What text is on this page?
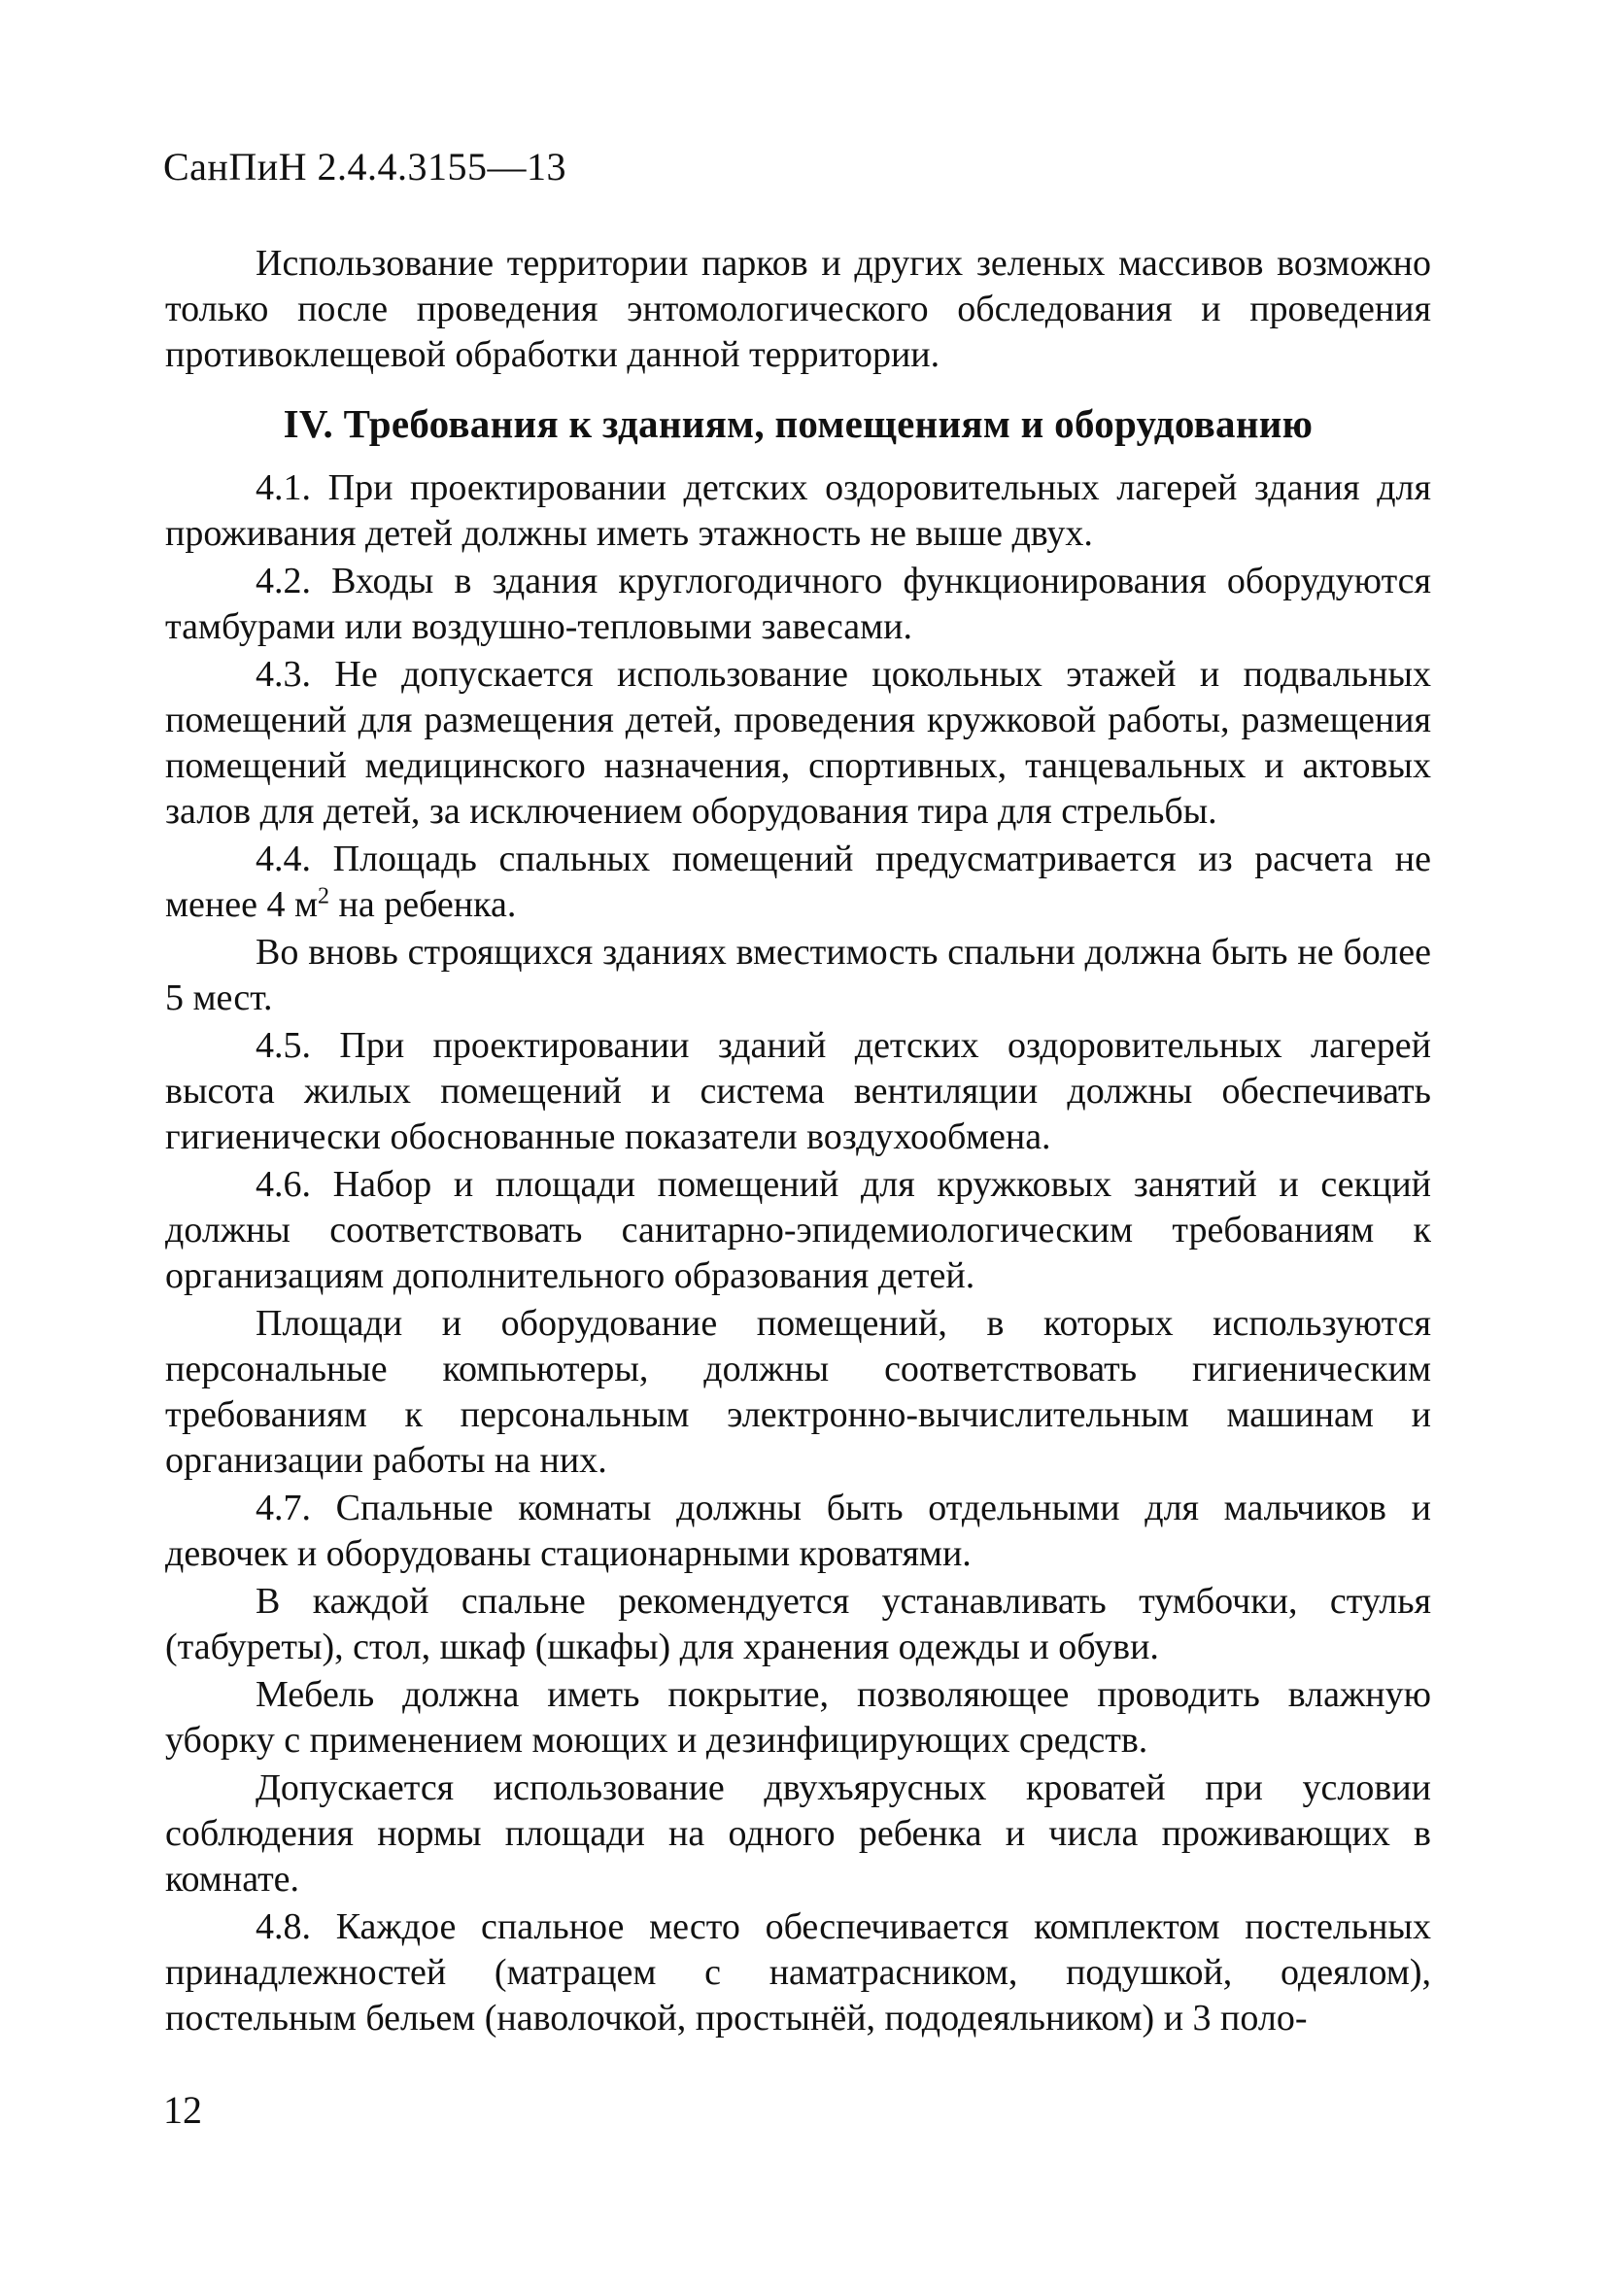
СанПиН 2.4.4.3155—13

Использование территории парков и других зеленых массивов возможно только после проведения энтомологического обследования и проведения противоклещевой обработки данной территории.

IV. Требования к зданиям, помещениям и оборудованию

4.1. При проектировании детских оздоровительных лагерей здания для проживания детей должны иметь этажность не выше двух.

4.2. Входы в здания круглогодичного функционирования оборудуются тамбурами или воздушно-тепловыми завесами.

4.3. Не допускается использование цокольных этажей и подвальных помещений для размещения детей, проведения кружковой работы, размещения помещений медицинского назначения, спортивных, танцевальных и актовых залов для детей, за исключением оборудования тира для стрельбы.

4.4. Площадь спальных помещений предусматривается из расчета не менее 4 $м^2$ на ребенка.

Во вновь строящихся зданиях вместимость спальни должна быть не более 5 мест.

4.5. При проектировании зданий детских оздоровительных лагерей высота жилых помещений и система вентиляции должны обеспечивать гигиенически обоснованные показатели воздухообмена.

4.6. Набор и площади помещений для кружковых занятий и секций должны соответствовать санитарно-эпидемиологическим требованиям к организациям дополнительного образования детей.

Площади и оборудование помещений, в которых используются персональные компьютеры, должны соответствовать гигиеническим требованиям к персональным электронно-вычислительным машинам и организации работы на них.

4.7. Спальные комнаты должны быть отдельными для мальчиков и девочек и оборудованы стационарными кроватями.

В каждой спальне рекомендуется устанавливать тумбочки, стулья (табуреты), стол, шкаф (шкафы) для хранения одежды и обуви.

Мебель должна иметь покрытие, позволяющее проводить влажную уборку с применением моющих и дезинфицирующих средств.

Допускается использование двухъярусных кроватей при условии соблюдения нормы площади на одного ребенка и числа проживающих в комнате.

4.8. Каждое спальное место обеспечивается комплектом постельных принадлежностей (матрацем с наматрасником, подушкой, одеялом), постельным бельем (наволочкой, простынёй, пододеяльником) и 3 поло-

12
